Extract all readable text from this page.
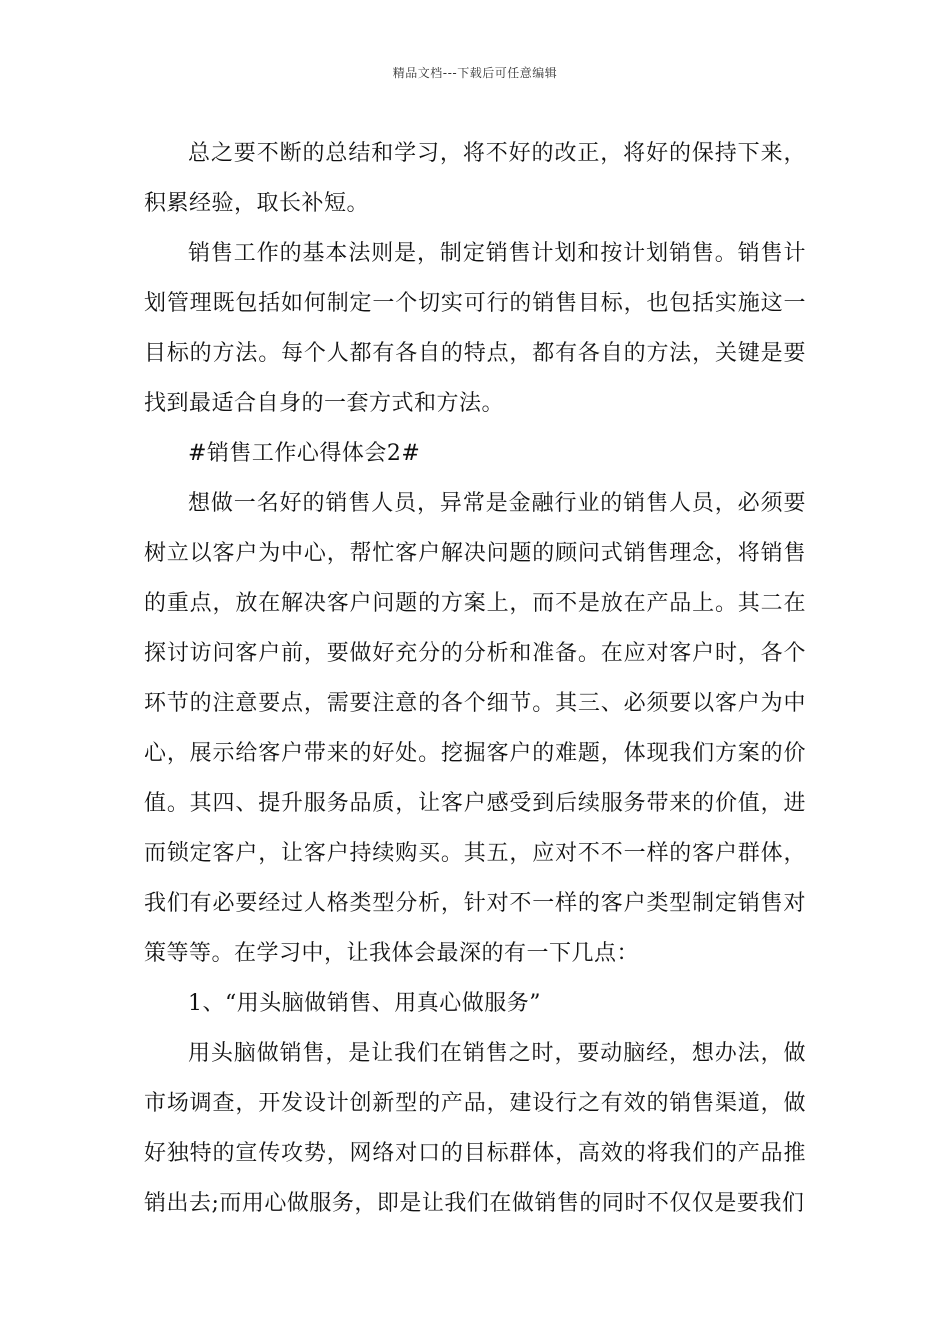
精品文档---下载后可任意编辑

总之要不断的总结和学习，将不好的改正，将好的保持下来，积累经验，取长补短。

销售工作的基本法则是，制定销售计划和按计划销售。销售计划管理既包括如何制定一个切实可行的销售目标，也包括实施这一目标的方法。每个人都有各自的特点，都有各自的方法，关键是要找到最适合自身的一套方式和方法。

#销售工作心得体会2#

想做一名好的销售人员，异常是金融行业的销售人员，必须要树立以客户为中心，帮忙客户解决问题的顾问式销售理念，将销售的重点，放在解决客户问题的方案上，而不是放在产品上。其二在探讨访问客户前，要做好充分的分析和准备。在应对客户时，各个环节的注意要点，需要注意的各个细节。其三、必须要以客户为中心，展示给客户带来的好处。挖掘客户的难题，体现我们方案的价值。其四、提升服务品质，让客户感受到后续服务带来的价值，进而锁定客户，让客户持续购买。其五，应对不不一样的客户群体，我们有必要经过人格类型分析，针对不一样的客户类型制定销售对策等等。在学习中，让我体会最深的有一下几点：

1、“用头脑做销售、用真心做服务”

用头脑做销售，是让我们在销售之时，要动脑经，想办法，做市场调查，开发设计创新型的产品，建设行之有效的销售渠道，做好独特的宣传攻势，网络对口的目标群体，高效的将我们的产品推销出去;而用心做服务，即是让我们在做销售的同时不仅仅是要我们
